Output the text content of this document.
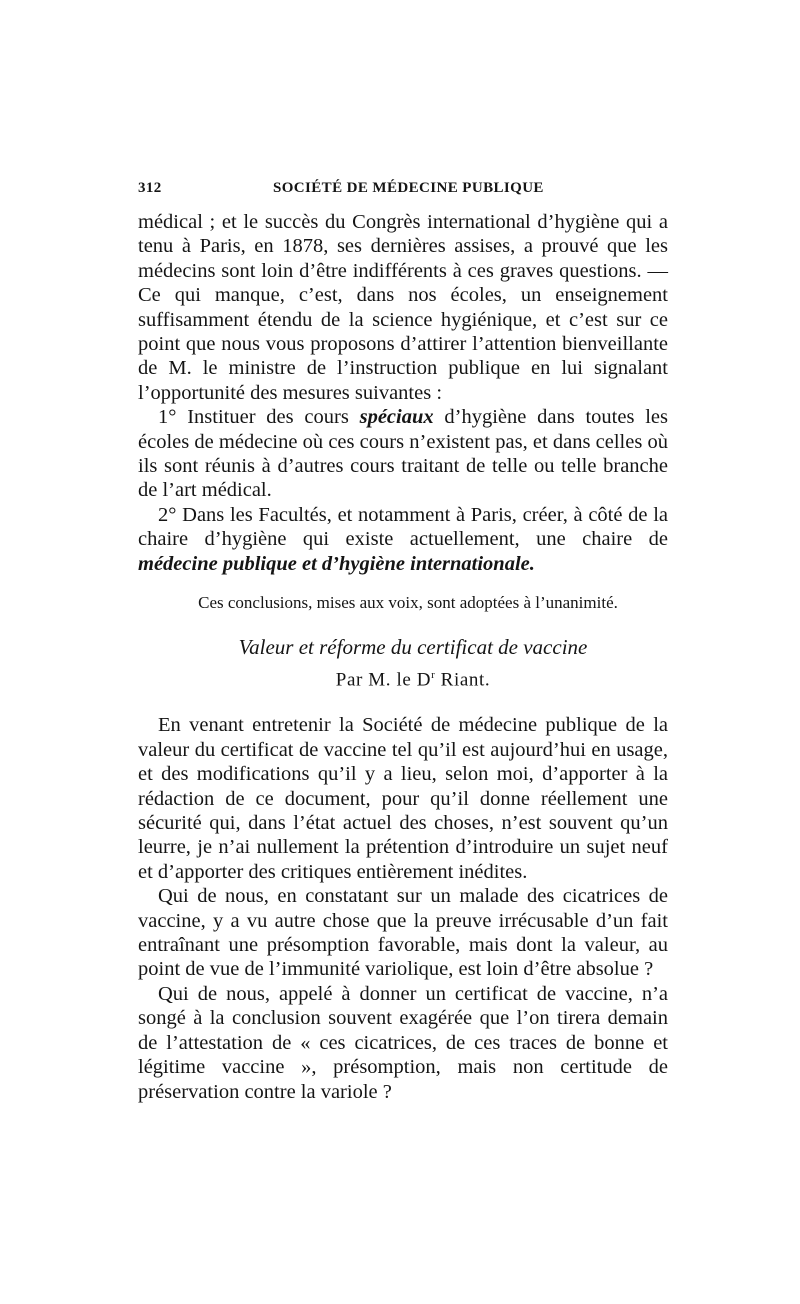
312	SOCIÉTÉ DE MÉDECINE PUBLIQUE

médical ; et le succès du Congrès international d’hygiène qui a tenu à Paris, en 1878, ses dernières assises, a prouvé que les médecins sont loin d’être indifférents à ces graves questions. — Ce qui manque, c’est, dans nos écoles, un enseignement suffisamment étendu de la science hygiénique, et c’est sur ce point que nous vous proposons d’attirer l’attention bienveillante de M. le ministre de l’instruction publique en lui signalant l’opportunité des mesures suivantes :

1° Instituer des cours spéciaux d’hygiène dans toutes les écoles de médecine où ces cours n’existent pas, et dans celles où ils sont réunis à d’autres cours traitant de telle ou telle branche de l’art médical.

2° Dans les Facultés, et notamment à Paris, créer, à côté de la chaire d’hygiène qui existe actuellement, une chaire de médecine publique et d’hygiène internationale.

Ces conclusions, mises aux voix, sont adoptées à l’unanimité.

Valeur et réforme du certificat de vaccine

Par M. le $D^r$ Riant.

En venant entretenir la Société de médecine publique de la valeur du certificat de vaccine tel qu’il est aujourd’hui en usage, et des modifications qu’il y a lieu, selon moi, d’apporter à la rédaction de ce document, pour qu’il donne réellement une sécurité qui, dans l’état actuel des choses, n’est souvent qu’un leurre, je n’ai nullement la prétention d’introduire un sujet neuf et d’apporter des critiques entièrement inédites.

Qui de nous, en constatant sur un malade des cicatrices de vaccine, y a vu autre chose que la preuve irrécusable d’un fait entraînant une présomption favorable, mais dont la valeur, au point de vue de l’immunité variolique, est loin d’être absolue ?

Qui de nous, appelé à donner un certificat de vaccine, n’a songé à la conclusion souvent exagérée que l’on tirera demain de l’attestation de « ces cicatrices, de ces traces de bonne et légitime vaccine », présomption, mais non certitude de préservation contre la variole ?
